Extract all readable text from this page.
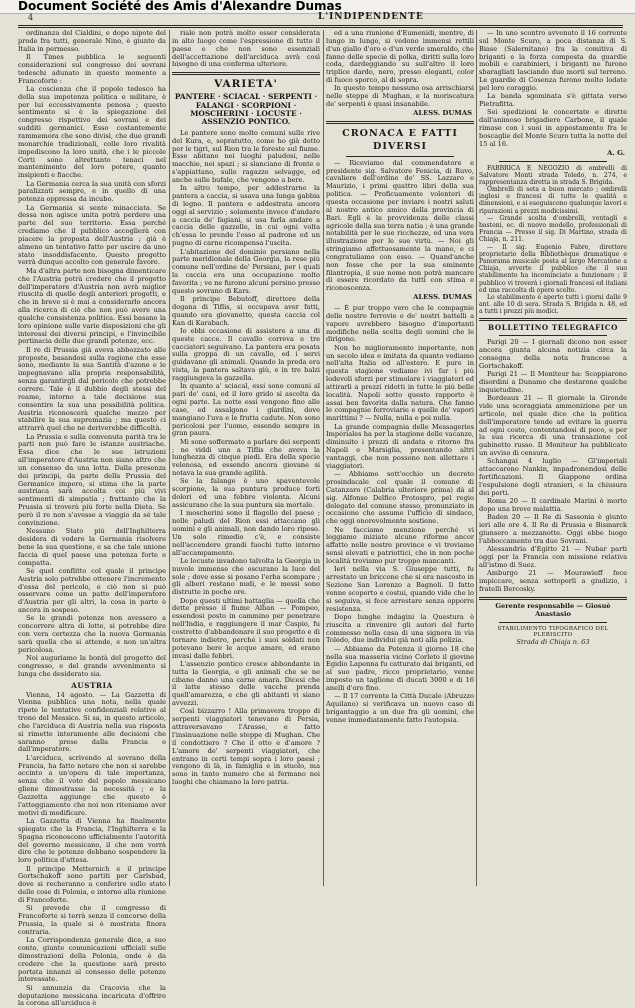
Document Société des Amis d'Alexandre Dumas
4	L'INDIPENDENTE

ordinanza del Cialdini, e dopo nipote del prode fra tutti, generale Nino, è giunto da Italia in permesso.

Il Times pubblica le seguenti considerazioni sul congresso dei sovrani tedeschi adunato in questo momento a Francoforte :

La coscienza che il popolo tedesco ha della sua impotenza politica e militare, è per lui eccessivamente penosa ; questo sentimento si è la spiegazione del congresso rispettivo dei sovrani e dei sudditi germanici. Esso costantemente rammemora che sono divisi, che due grandi monarchie tradizionali, colle loro rivalità impediscono la loro unità, che i le piccole Corti sono altrettanto tenaci nel mantenimento del loro potere, quanto insipienti e fiacche.

La Germania cerca la sua unità con sforzi paralizzati sempre, e in quello di una potenza oppressa da incubo.

La Germania si sente minacciata. Se dessa non agisce unita potrà perdere una parte del suo territorio. Essa perché crediamo che il pubblico accoglierà con piacere la proposta dell'Austria ; già è almeno un tentativo fatto per uscire da uno stato insoddisfacente. Questo progetto verrà dunque accolto con generale favore.

Ma d'altra parte non bisogna dimenticare che l'Austria potrà credere che il progetto dell'imperatore d'Austria non avrà miglior riuscita di quelle degli anteriori progetti, e che in breve si è mai a considerarlo ancora alla ricerca di ciò che non può avere una qualche consistenza politica. Essi basano la loro opinione sulle varie disposizioni che gli interessi dei diversi principi, e l'invincibile pertinacia delle due grandi potenze, ecc.

Il re di Prussia già aveva abbozzato alle proposte, basandosi sulla ragione che esse sono, mediante la sua Santità d'azone e le impegnavano alla propria responsabilità, senza garantirgli dal pericolo che potrebbe correre. Tale è il dubbio degli stessi del reame, intorno a tale decisione sua consentire la sua una possibilità politica. Austria riconoscerà qualche mezzo per stabilire la sua supremazia ; ma questo ci attrarrà quel che ne deriverebbe difficoltà.

La Prussia e sulla convenuta parità tra le parti non può fare le istanze austriache. Essa dice che le sue istruzioni all'imperatore d'Austria non siano altro che un consenso da una lotta. Dalla presenza dei principi, da parte della Prussia del Germanico impero, si stima che la parte austriaca sarà accolta coi più vivi sentimenti di simpatia ; frattanto che la Prussia si troverà più forte nella Dieta. Se però il re non s'avesse a viaggio da sé tale convinzione.

Nessuno Stato più dell'Inghilterra desidera di vedere la Germania risolvere bene la sua questione, e sa che tale unione faccia di quel paese una potenza forte e compatta.

Se quel conflitto col quale il principe Austria solo potrebbe ottenere l'incremento d'essa del pericolo, e ciò non si può osservare come un patto dell'imperatore d'Austria per gli altri, la cosa in parte è ancora in sospeso.

Se le grandi potenze non avessero a concorrere altra di lotte, si potrebbe dire con vera certezza che la nuova Germania sarà quella che si attende, e non un'altra pericolosa.

Noi auguriamo la bontà del progetto del congresso, e del grande avvenimento sì lunga che desiderato sia.

AUSTRIA

Vienna, 14 agosto. — La Gazzetta di Vienna pubblica una nota, nella quale ripete le tentative confidenziali relative al trono del Messico. Si sa, in questo articolo, che l'arciduca di Austria nella sua risposta si rimette interamente alle decisioni che saranno prese dalla Francia e dall'imperatore.

L'arciduca, scrivendo al sovrano della Francia, ha fatto notare che non si sarebbe accinto a un'opera di tale importanza, senza che il voto del popolo messicano gliene dimostrasse la necessità ; e la Gazzetta aggiunge che questo è l'atteggiamento che noi non riteniamo aver motivi di modificare.

La Gazzetta di Vienna ha finalmente spiegato che la Francia, l'Inghilterra e la Spagna riconoscono ufficialmente l'autorità del governo messicano, il che non vorrà dire che le potenze debbano sospendere la loro politica d'attesa.

Il principe Metternich e il principe Gortschakoff sono partiti per Carlsbad, dove si recheranno a conferire sullo stato delle cose di Polonia, e intorno alla riunione di Francoforte.

Si prevede che il congresso di Francoforte si terrà senza il concorso della Prussia, la quale si è mostrata finora contraria.

La Corrispondenza generale dice, a suo conto, giunte comunicazioni ufficiali sulle dimostrazioni della Polonia, onde è da credere che la questione sarà presto portata innanzi al consesso delle potenze interessate.

Si annunzia da Cracovia che la deputazione messicana incaricata d'offrire la corona all'arciduca è

riale non potrà molto esser considerata in alto luogo come l'espressione di tutto il paese e che non sono essenziali dell'accettazione dell'arciduca avrà così bisogno di una conferma ulteriore.

VARIETA'
PANTERE · SCIACAL · SERPENTI · FALANGI · SCORPIONI · MOSCHERINI · LOCUSTE · ASSENZIO PONTICO.

Le pantere sono molto comuni sulle rive del Kura, e, sopratutto, come ho già detto per le tigri, sul Rion tra le foreste sul fiume. Esse abitano nei luoghi paludosi, nelle macchie, nei spazi ; si slanciano di fronte e s'appiattano, sulle ragazze selvagge, ed anche sulle bufale, che vengono a bere.

In altro tempo, per addestrarne la pantera a caccia, si usava una lunga gabbia di legno. Il pantera e addestrata ancora oggi al servizio ; solamente invece d'andare a caccia de' fagiani, si usa farla andare a caccia delle gazzelle, in cui ogni volta ch'essa lo prende l'osso al padrone ed un pugno di carne ricompensa l'uscita.

L'abitazione del dominio persiano nella parte meridionale della Georgia, la rese più comune nell'ordine de' Persiani, per i quali la caccia era una occupazione molto favorita ; ve ne furono alcuni persino presso questo sovrano di Kars.

Il principe Bebutoff, direttore della dogana di Tiflis, si occupava aver fatti, quando era giovanetto, questa caccia col Kan di Karabach.

Io ebbi occasione di assistere a una di queste cacce. Il cavallo correva e tre cacciatori seguivano. La pantera era posata sulla groppa di un cavallo, ed i servi guidavano gli animali. Quando la preda era vista, la pantera saltava giù, e in tre balzi raggiungeva la gazzella.

In quanto a' sciacal, essi sono comuni al pari de' cani, ed il loro grido si ascolta da ogni parte. La notte essi vengono fino alle case, ed assalgono i giardini, dove mangiano l'uva e le frutta cadute. Non sono pericolosi per l'uomo, essendo sempre in gran paura.

Mi sono soffermato a parlare dei serpenti ; ne viddi uno a Tiflis che aveva la lunghezza di cinque piedi. Era della specie velenosa, ed essendo ancora giovane si notava la sua grande agilità.

Se la falange è uno spaventevole scorpione, la sua puntura produce forti dolori ed una febbre violenta. Alcuni assicurano che la sua puntura sia mortale.

I moscherini sono il flagello del paese ; nelle paludi del Rion essi attaccano gli uomini e gli animali, non dando loro riposo. Un solo rimedio c'è, e consiste nell'accendere grandi fuochi tutto intorno all'accampamento.

Le locuste invadono talvolta la Georgia in nuvole immense che oscurano la luce del sole ; dove esse si posano l'erba scompare ; gli alberi restano nudi, e le messi sono distrutte in poche ore.

Dopo questi ultimi battaglia — quella che dette presso il fiume Alban — Pompeo, essendosi posto in cammino per penetrare nell'India, e raggiungere il mar Caspio, fu costretto d'abbandonare il suo progetto e di tornare indietro, perché i suoi soldati non potevano bere le acque amare, ed erano invasi dalle febbri.

L'assenzio pontico cresce abbondante in tutta la Georgia, e gli animali che se ne cibano danno una carne amara. Dicesi che il latte stesso delle vacche prenda quell'amarezza, e che gli abitanti vi siano avvezzi.

Così bizzarro ! Alla primavera troppo di serpenti viaggiatori tenevano di Persia, attraversavano l'Arasse, e fatto l'insinuazione nelle steppe di Mughan. Che il condottiero ? Che il otto e d'amore ? L'amore de' serpenti viaggiatori, che entrano in certi tempi sopra i loro paesi ; vengono di là, in famiglia e in stuolo, ma sono in tanto numero che si fermano nei luoghi che chiamano la loro patria.

ed a una riunione d'Eumenidi, mentre, di lungo in lungo, si vedono immensi rettili d'un giallo d'oro e d'un verde smeraldo, che fanno delle specie di polka, diritti sulla loro coda, dardeggiando su sull'altro il loro triplice dardo, nero, presso eleganti, color di fuoco sporco, al di sopra.

In questo tempo nessuno osa arrischiarsi nelle steppe di Mughan, e la moriscatura de' serpenti è quasi insanabile.

ALESS. DUMAS
CRONACA E FATTI DIVERSI

— Riceviamo dal commendatore e presidente sig. Salvatore Fenicia, di Ruvo, cavaliere dell'ordine de' SS. Lazzaro e Maurizio, i primi quattro libri della sua politica. — Proficuamente volenteri di questa occasione per inviare i nostri saluti al nostro antico amico della provincia di Bari. Egli è la provvidenza delle classi agricole della sua terra natia ; è una grande notabilità per le sue ricchezze, ed una vera illustrazione per le sue virtù. — Noi gli stringiamo affettuosamente la mano, e ci congratuliamo con esso. — Quand'anche non fosse che per la sua eminente filantropia, il suo nome non potrà mancare di essere ricordato da tutti con stima e riconoscenza.

ALESS. DUMAS

— È pur troppo vero che le compagnie delle nostre ferrovie e de' nostri battelli a vapore avrebbero bisogno d'importanti modifiche nella scelta degli uomini che le dirigono.

Non ho miglioramento importante, non un secolo idea e imitata da quanto vediamo nell'alta Italia ed all'estero. E pure in questa stagione vediamo ivi far i più lodevoli sforzi per stimolare i viaggiatori ed attirarli a prezzi ridotti in tutte le più belle località. Napoli sotto questo rapporto è assai ben favorita dalla natura. Che fanno le compagnie ferroviarie e quelle de' vapori marittimi ? — Nulla, nulla e poi nulla.

La grande compagnia delle Messageries Impériales ha per la stagione delle vacanze, diminuito i prezzi di andata e ritorno fra Napoli e Marsiglia, presentando altri vantaggi, che non possono non allettare i viaggiatori.

— Abbiamo sott'occhio un decreto prosindacale col quale il comune di Catanzaro (Calabria ulteriore prima) dà al sig. Alfonso Delfico Protospro, pel regio delegato del comune stesso, pronunziato in occasione che assume l'ufficio di sindaco, che oggi onorevolmente sostiene.

Ne facciamo menzione perché vi leggiamo iniziate alcune riforme ancor affatto nelle nostre province e vi troviamo sensi elevati e patriottici, che in non poche località troviamo pur troppo mancanti.

Ieri nella via S. Giuseppe tutti, fu arrestato un briccone che si era nascosto in Sezione San Lorenzo a Bagnoli. Il fatto venne scoperto e costui, quando vide che lo si seguiva, si fece arrestare senza opporre resistenza.

Dopo lunghe indagini la Questura è riuscita a rinvenire gli autori del furto commesso nella casa di una signora in via Toledo, due individui già noti alla polizia.

— Abbiamo da Potenza il giorno 18 che nella sua masseria vicino Corleto il giovine Egidio Lapenna fu catturato dai briganti, ed al suo padre, ricco proprietario, venne imposto un taglione di ducati 3000 e di 16 anelli d'oro fino.

— Il 17 corrente la Città Ducale (Abruzzo Aquilano) si verificava un nuovo caso di brigantaggio a un due fra gli uomini, che venne immediatamente fatto l'autopsia.

— In uno scontro avvenuto il 16 corrente sul Monte Scuro, a poca distanza di S. Biase (Salernitano) fra la comitiva di briganti e la forza composta da guardie mobili e carabinieri, i briganti ne furono sbaragliati lasciando due morti sul terreno. Le guardie di Cosenza furono molto lodate pel loro coraggio.

La banda sgominata s'è gittata verso Pietrafitta.

Sei spedizioni le concertate e dirette dall'animoso brigadiere Carbone, il quale rimase con i suoi in appostamento fra le boscaglie del Monte Scuro tutta la notte del 15 al 16.

A. G.

FABBRICA E NEGOZIO di ombrelli di Salvatore Monti strada Toledo, n. 274, e rappresentanza diretta in strada S. Brigida.

Ombrelli di seta a buon mercato ; ombrelli inglesi e francesi di tutte le qualità e dimensioni, e si eseguiscono qualunque lavori e riparazioni a prezzi modicissimi.

— Grande scelta d'ombrelli, ventagli e bastoni, ec. di nuovo modello, professionali di Francia — Presso il sig. Di Martino, strada di Chiaja, n. 211.

— Il sig. Eugenio Fabre, direttore proprietario della Bibliothèque dramatique e Panorama musicale posta al largo Mercatone a Chiaja, avverte il pubblico che il suo stabilimento ha incominciato a funzionare ; il pubblico vi troverà i giornali francesi ed italiani ed una raccolta di opere scelte.

Lo stabilimento è aperto tutti i giorni dalle 9 ant. alle 10 di sera. Strada S. Brigida n. 48, ed a tutti i prezzi più modici.

BOLLETTINO TELEGRAFICO

Parigi 20 — I giornali dicono non esser ancora giunta alcuna notizia circa la consegna della nota francese a Gortschakoff.

Parigi 21 — Il Moniteur ha: Scoppiarono disordini a Dunamo che destarono qualche inquietudine.

Bordeaux 21 — Il giornale la Gironde vide una scoraggiata ammonizione per un articolo, nel quale dice che la politica dell'imperatore tende ad evitare la guerra ad ogni costo, contentandosi di poco, e per la sua ricerca di una transazione col gabinetto russo. Il Moniteur ha pubblicato un avviso di censura.

Schangai 4 luglio — Gl'imperiali attaccarono Nankin, impadronendosi delle fortificazioni. Il Giappone ordina l'espulsione degli stranieri, e la chiusura dei porti.

Roma 20 — Il cardinale Marini è morto dopo una breve malattia.

Baden 20 — Il Re di Sassonia è giunto ieri alle ore 4. Il Re di Prussia e Bismarck giunsero a mezzanotte. Oggi ebbe luogo l'abboccamento tra due Sovrani.

Alessandria d'Egitto 21 — Nubar parti oggi per la Francia con missione relativa all'istmo di Suez.

Amburgo 21 — Mourawieff fece impiccare, senza sottoporli a giudizio, i fratelli Bercosky.

Gerente responsabile — Giosuè Anastasio
STABILIMENTO TIPOGRAFICO DEL PLEBISCITO
Strada di Chiaja n. 63
